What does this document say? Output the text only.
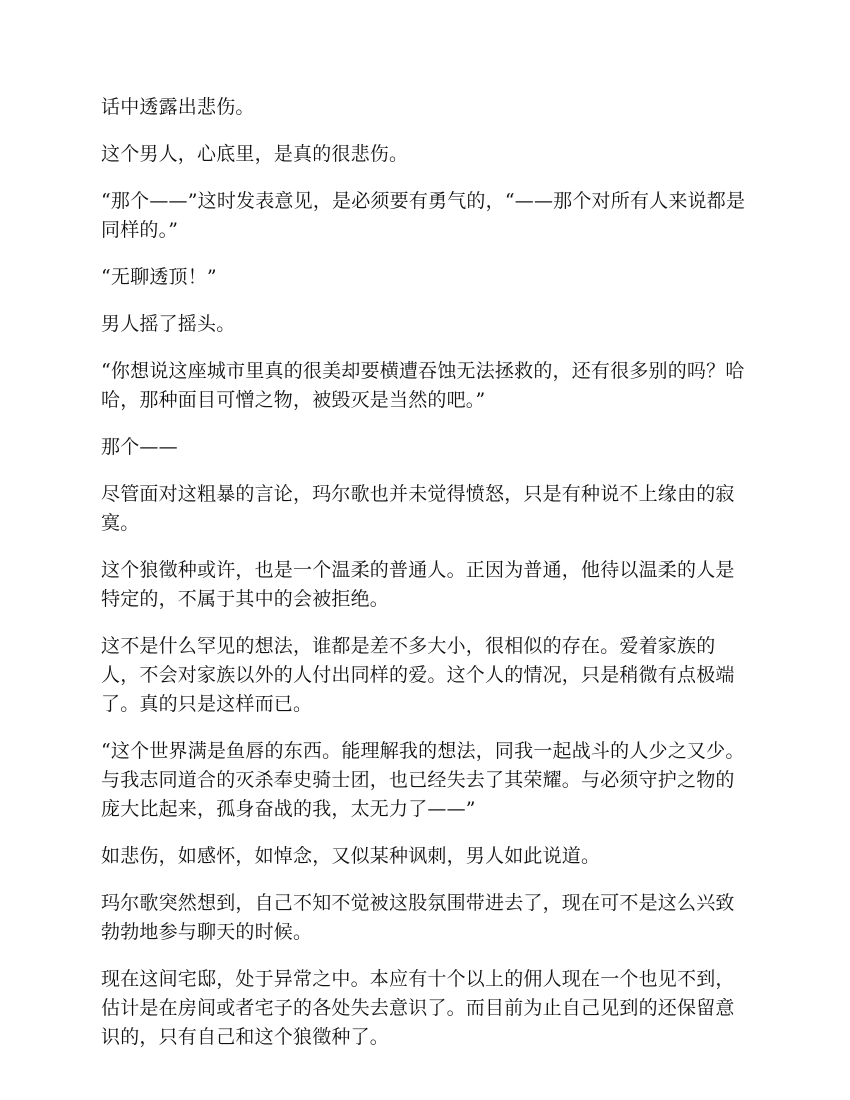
话中透露出悲伤。

这个男人，心底里，是真的很悲伤。

“那个——”这时发表意见，是必须要有勇气的，“——那个对所有人来说都是同样的。”

“无聊透顶！”

男人摇了摇头。

“你想说这座城市里真的很美却要横遭吞蚀无法拯救的，还有很多别的吗？哈哈，那种面目可憎之物，被毁灭是当然的吧。”

那个——

尽管面对这粗暴的言论，玛尔歌也并未觉得愤怒，只是有种说不上缘由的寂寞。

这个狼徵种或许，也是一个温柔的普通人。正因为普通，他待以温柔的人是特定的，不属于其中的会被拒绝。

这不是什么罕见的想法，谁都是差不多大小，很相似的存在。爱着家族的人，不会对家族以外的人付出同样的爱。这个人的情况，只是稍微有点极端了。真的只是这样而已。

“这个世界满是鱼唇的东西。能理解我的想法，同我一起战斗的人少之又少。与我志同道合的灭杀奉史骑士团，也已经失去了其荣耀。与必须守护之物的庞大比起来，孤身奋战的我，太无力了——”

如悲伤，如感怀，如悼念，又似某种讽刺，男人如此说道。

玛尔歌突然想到，自己不知不觉被这股氛围带进去了，现在可不是这么兴致勃勃地参与聊天的时候。

现在这间宅邸，处于异常之中。本应有十个以上的佣人现在一个也见不到，估计是在房间或者宅子的各处失去意识了。而目前为止自己见到的还保留意识的，只有自己和这个狼徵种了。
